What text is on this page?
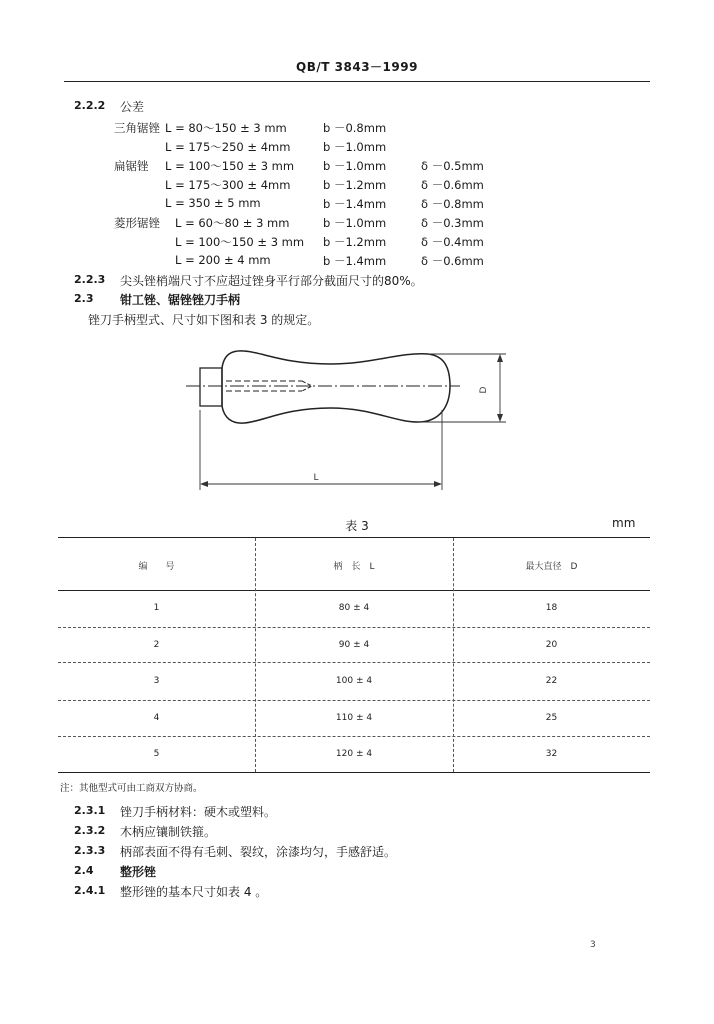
QB/T 3843－1999
2.2.2 公差
三角锯锉 L = 80～150 ± 3 mm	b －0.8mm
L = 175～250 ± 4mm	b －1.0mm
扁锯锉 L = 100～150 ± 3 mm	b －1.0mm	δ －0.5mm
L = 175～300 ± 4mm	b －1.2mm	δ －0.6mm
L = 350 ± 5 mm	b －1.4mm	δ －0.8mm
菱形锯锉 L = 60～80 ± 3 mm	b －1.0mm	δ －0.3mm
L = 100～150 ± 3 mm b －1.2mm	δ －0.4mm
L = 200 ± 4 mm	b －1.4mm	δ －0.6mm
2.2.3 尖头锉梢端尺寸不应超过锉身平行部分截面尺寸的80%。
2.3 钳工锉、锯锉锉刀手柄
锉刀手柄型式、尺寸如下图和表 3 的规定。
D
L
表 3	mm
编　　号	柄　长　L	最大直径　D
1	80 ± 4	18
2	90 ± 4	20
3	100 ± 4	22
4	110 ± 4	25
5	120 ± 4	32
注：其他型式可由工商双方协商。
2.3.1 锉刀手柄材料：硬木或塑料。
2.3.2 木柄应镶制铁箍。
2.3.3 柄部表面不得有毛刺、裂纹，涂漆均匀，手感舒适。
2.4 整形锉
2.4.1 整形锉的基本尺寸如表 4 。
3
